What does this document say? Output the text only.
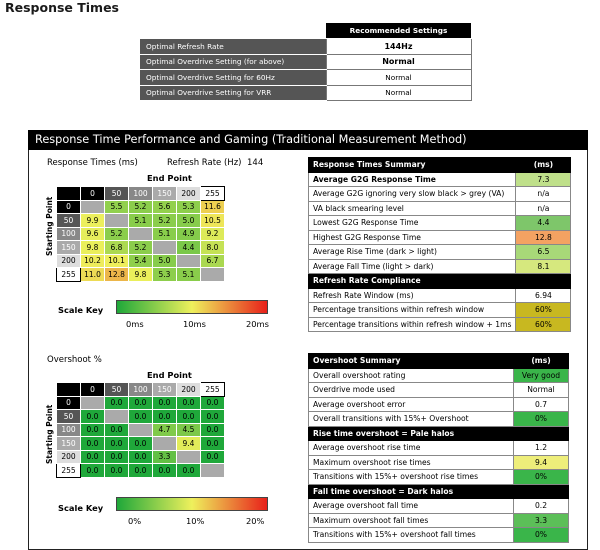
Response Times
	Recommended Settings
Optimal Refresh Rate	144Hz
Optimal Overdrive Setting (for above)	Normal
Optimal Overdrive Setting for 60Hz	Normal
Optimal Overdrive Setting for VRR	Normal
Response Time Performance and Gaming (Traditional Measurement Method)
Response Times (ms)	Refresh Rate (Hz) 144
End Point
Starting Point
	0	50	100	150	200	255
0		5.5	5.2	5.6	5.3	11.6
50	9.9		5.1	5.2	5.0	10.5
100	9.6	5.2		5.1	4.9	9.2
150	9.8	6.8	5.2		4.4	8.0
200	10.2	10.1	5.4	5.0		6.7
255	11.0	12.8	9.8	5.3	5.1	
Scale Key
0ms	10ms	20ms
Response Times Summary	(ms)
Average G2G Response Time	7.3
Average G2G ignoring very slow black > grey (VA)	n/a
VA black smearing level	n/a
Lowest G2G Response Time	4.4
Highest G2G Response Time	12.8
Average Rise Time (dark > light)	6.5
Average Fall Time (light > dark)	8.1
Refresh Rate Compliance	
Refresh Rate Window (ms)	6.94
Percentage transitions within refresh window	60%
Percentage transitions within refresh window + 1ms	60%
Overshoot %
End Point
Starting Point
	0	50	100	150	200	255
0		0.0	0.0	0.0	0.0	0.0
50	0.0		0.0	0.0	0.0	0.0
100	0.0	0.0		4.7	4.5	0.0
150	0.0	0.0	0.0		9.4	0.0
200	0.0	0.0	0.0	3.3		0.0
255	0.0	0.0	0.0	0.0	0.0	
Scale Key
0%	10%	20%
Overshoot Summary	(ms)
Overall overshoot rating	Very good
Overdrive mode used	Normal
Average overshoot error	0.7
Overall transitions with 15%+ Overshoot	0%
Rise time overshoot = Pale halos	
Average overshoot rise time	1.2
Maximum overshoot rise times	9.4
Transitions with 15%+ overshoot rise times	0%
Fall time overshoot = Dark halos	
Average overshoot fall time	0.2
Maximum overshoot fall times	3.3
Transitions with 15%+ overshoot fall times	0%
